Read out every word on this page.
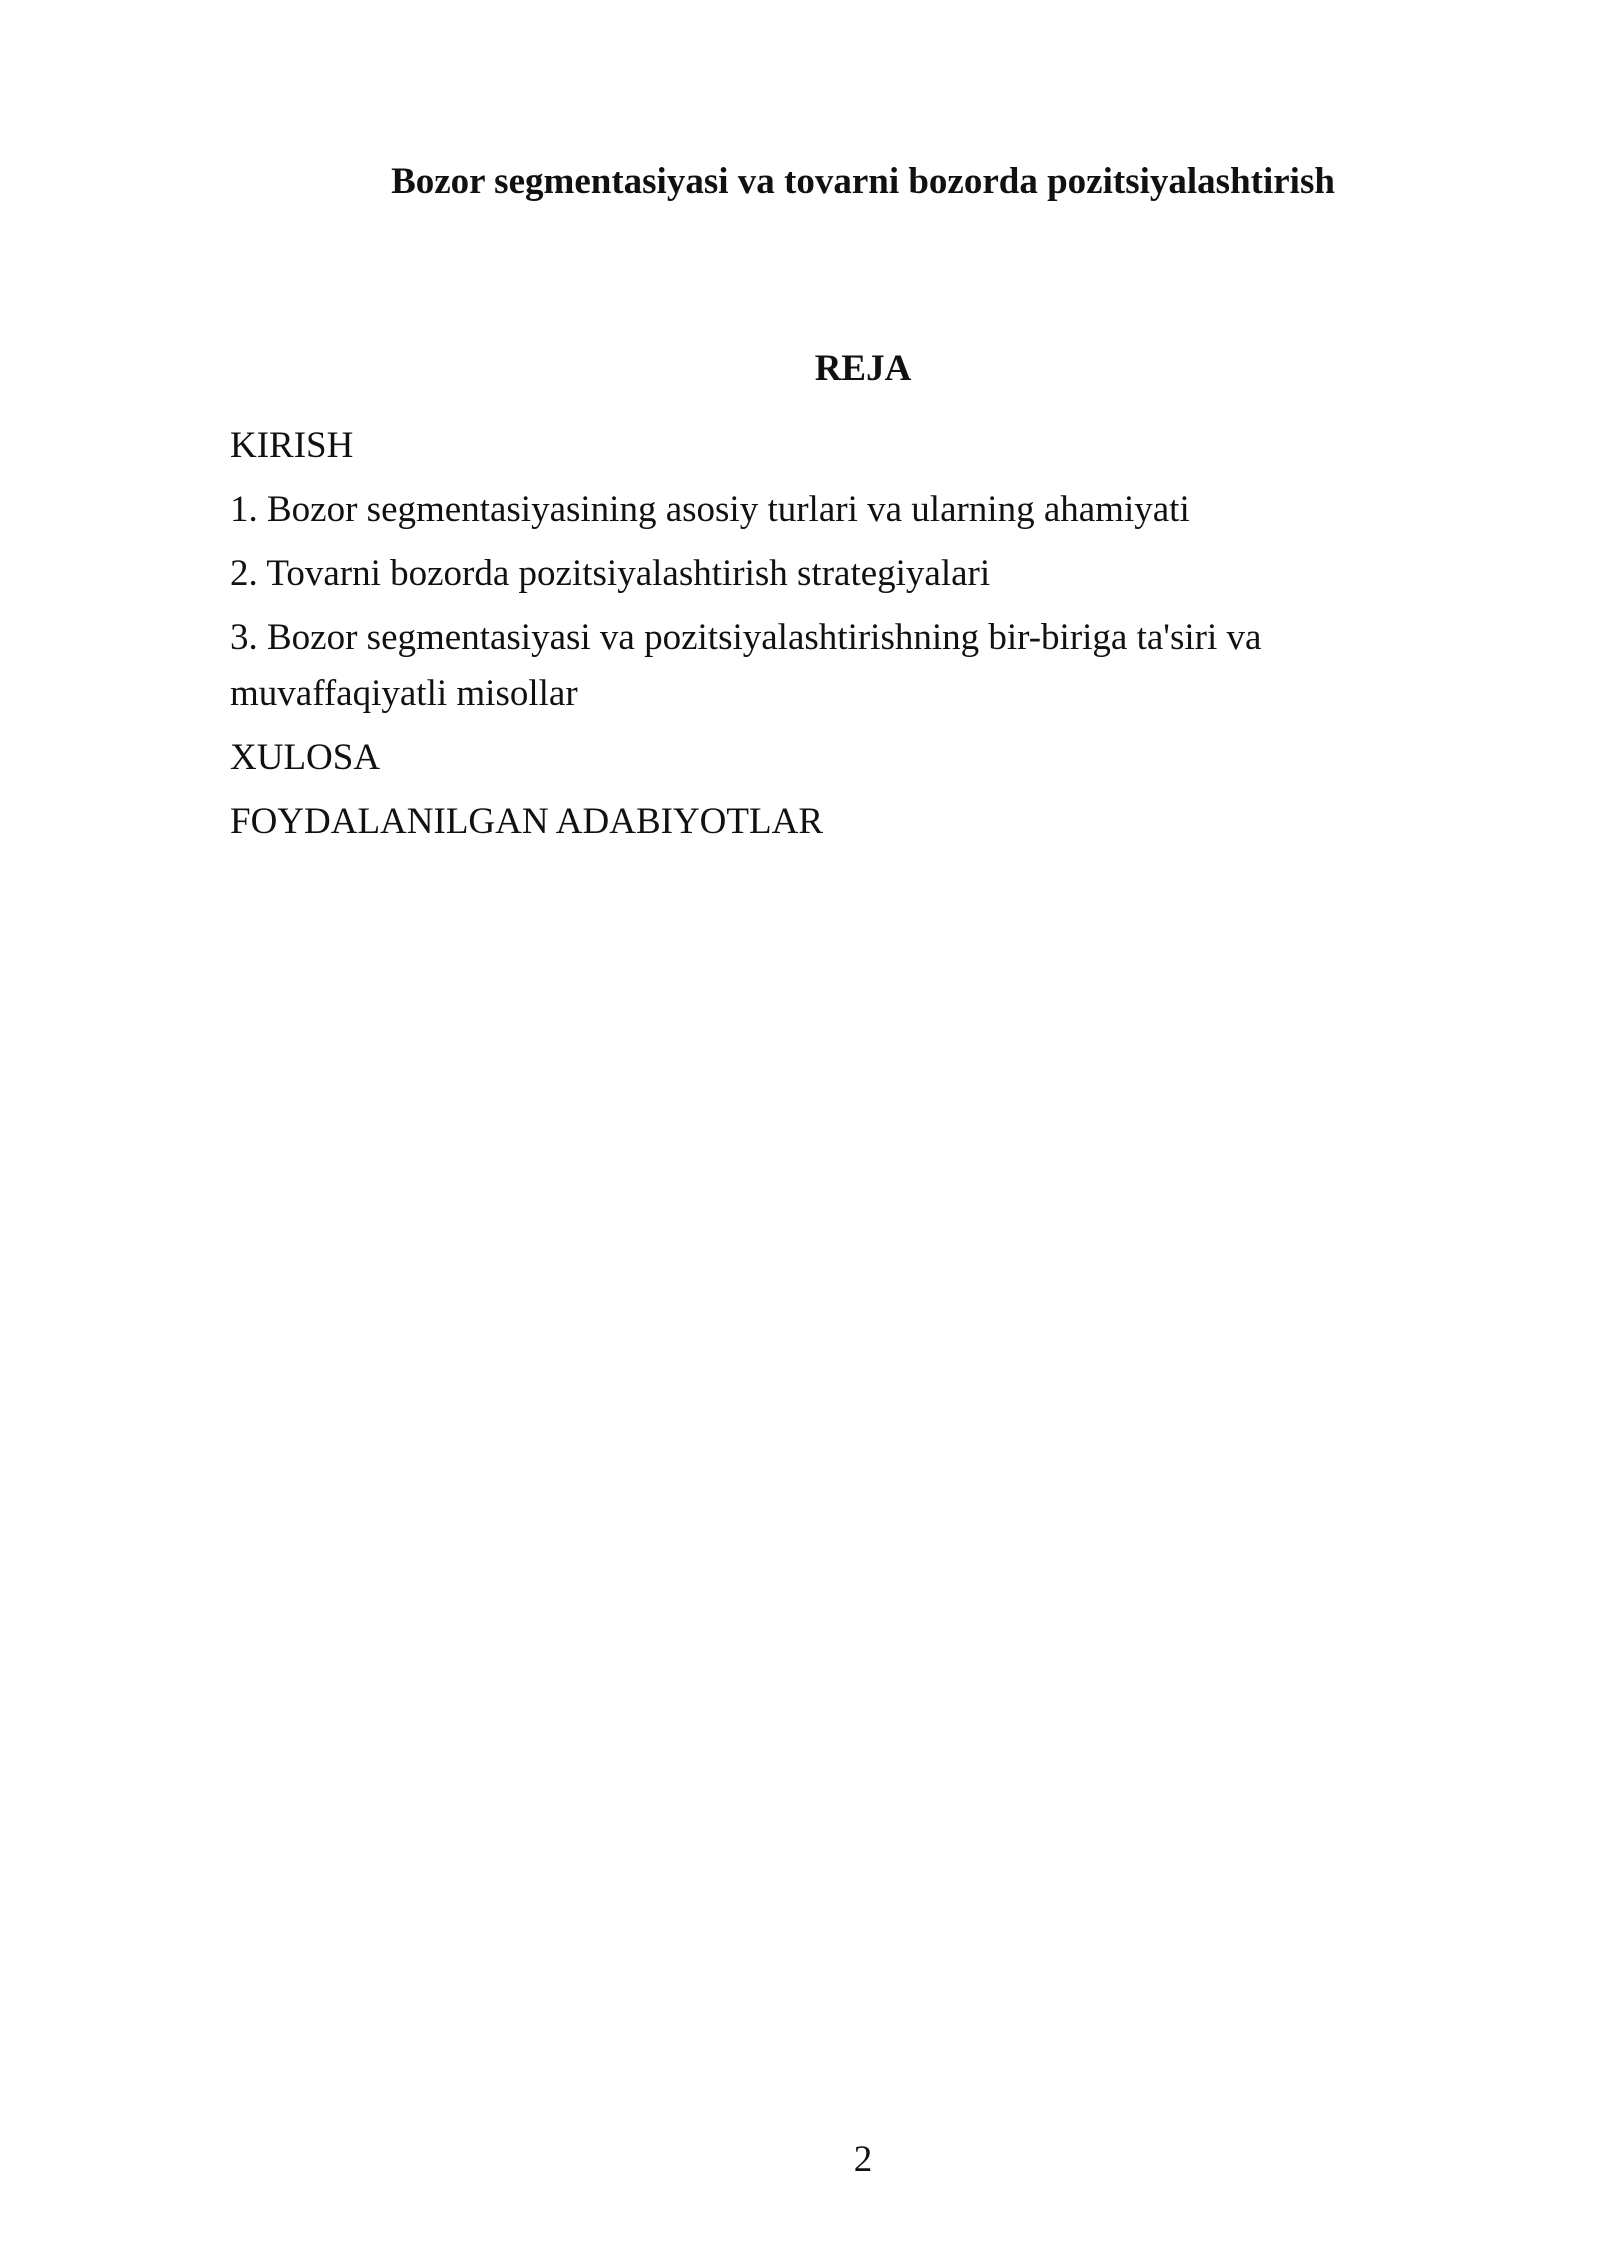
Bozor segmentasiyasi va tovarni bozorda pozitsiyalashtirish
REJA
KIRISH
1. Bozor segmentasiyasining asosiy turlari va ularning ahamiyati
2. Tovarni bozorda pozitsiyalashtirish strategiyalari
3. Bozor segmentasiyasi va pozitsiyalashtirishning bir-biriga ta'siri va muvaffaqiyatli misollar
XULOSA
FOYDALANILGAN ADABIYOTLAR
2
